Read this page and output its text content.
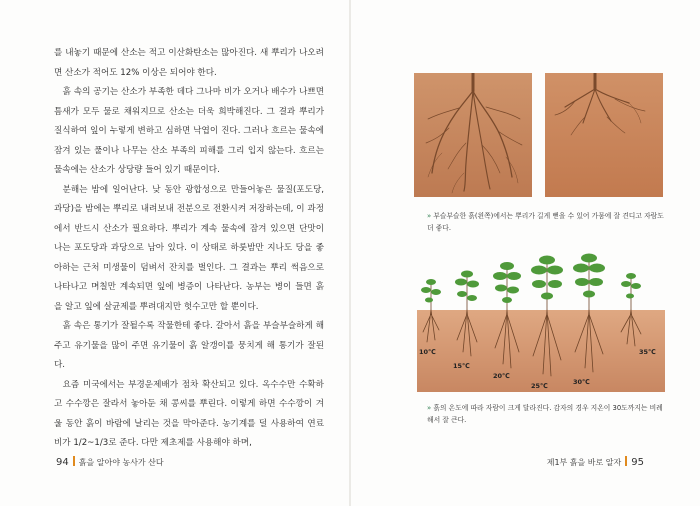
를 내놓기 때문에 산소는 적고 이산화탄소는 많아진다. 새 뿌리가 나오려면 산소가 적어도 12% 이상은 되어야 한다.

흙 속의 공기는 산소가 부족한 데다 그나마 비가 오거나 배수가 나쁘면 틈새가 모두 물로 채워지므로 산소는 더욱 희박해진다. 그 결과 뿌리가 질식하여 잎이 누렇게 변하고 심하면 낙엽이 진다. 그러나 흐르는 물속에 잠겨 있는 풀이나 나무는 산소 부족의 피해를 그리 입지 않는다. 흐르는 물속에는 산소가 상당량 들어 있기 때문이다.

분해는 밤에 일어난다. 낮 동안 광합성으로 만들어놓은 물질(포도당, 과당)을 밤에는 뿌리로 내려보내 전분으로 전환시켜 저장하는데, 이 과정에서 반드시 산소가 필요하다. 뿌리가 계속 물속에 잠겨 있으면 단맛이 나는 포도당과 과당으로 남아 있다. 이 상태로 하룻밤만 지나도 당을 좋아하는 근처 미생물이 덤벼서 잔치를 벌인다. 그 결과는 뿌리 썩음으로 나타나고 며칠만 계속되면 잎에 병증이 나타난다. 농부는 병이 들면 흙 을 알고 잎에 살균제를 뿌려대지만 헛수고만 할 뿐이다.

흙 속은 통기가 잘될수록 작물한테 좋다. 갈아서 흙을 부슬부슬하게 해주고 유기물을 많이 주면 유기물이 흙 알갱이를 뭉치게 해 통기가 잘된다.

요즘 미국에서는 부경운제배가 점차 확산되고 있다. 옥수수만 수확하고 수수깡은 잘라서 놓아둔 채 콩씨를 뿌린다. 이렇게 하면 수수깡이 겨울 동안 흙이 바람에 날리는 것을 막아준다. 농기계를 덜 사용하여 연료비가 1/2~1/3로 준다. 다만 제초제를 사용해야 하며,

94 흙을 알아야 농사가 산다
» 부슬부슬한 흙(왼쪽)에서는 뿌리가 길게 뻗을 수 있어 가뭄에 잘 견디고 자람도 더 좋다.
10℃
15℃
20℃
25℃	30℃
35℃
» 흙의 온도에 따라 자람이 크게 달라진다. 감자의 경우 지온이 30도까지는 비례해서 잘 큰다.
제1부 흙을 바로 알자 95
